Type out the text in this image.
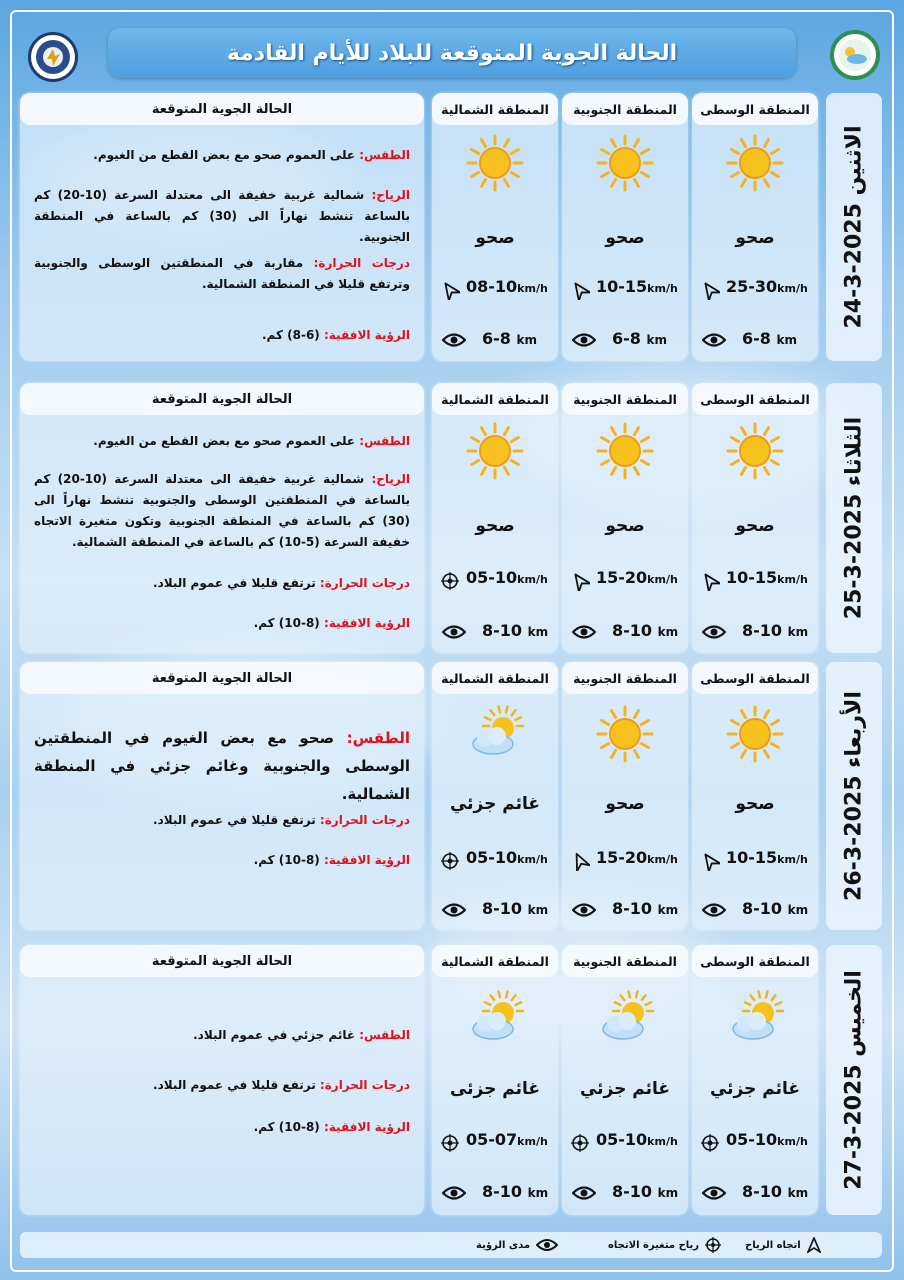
الحالة الجوية المتوقعة للبلاد للأيام القادمة
الحالة الجوية المتوقعة
الطقس: على العموم صحو مع بعض القطع من الغيوم.
الرياح: شمالية غربية خفيفة الى معتدلة السرعة (10-20) كم بالساعة تنشط نهاراً الى (30) كم بالساعة في المنطقة الجنوبية.
درجات الحرارة: مقاربة في المنطقتين الوسطى والجنوبية وترتفع قليلا في المنطقة الشمالية.
الرؤية الافقية: (6-8) كم.
المنطقة الشمالية
صحو
08-10km/h
6-8 km
المنطقة الجنوبية
صحو
10-15km/h
6-8 km
المنطقة الوسطى
صحو
25-30km/h
6-8 km
الاثنين 2025-3-24
الحالة الجوية المتوقعة
الطقس: على العموم صحو مع بعض القطع من الغيوم.
الرياح: شمالية غربية خفيفة الى معتدلة السرعة (10-20) كم بالساعة في المنطقتين الوسطى والجنوبية تنشط نهاراً الى (30) كم بالساعة في المنطقة الجنوبية وتكون متغيرة الاتجاه خفيفة السرعة (5-10) كم بالساعة في المنطقة الشمالية.
درجات الحرارة: ترتفع قليلا في عموم البلاد.
الرؤية الافقية: (8-10) كم.
المنطقة الشمالية
صحو
05-10km/h
8-10 km
المنطقة الجنوبية
صحو
15-20km/h
8-10 km
المنطقة الوسطى
صحو
10-15km/h
8-10 km
الثلاثاء 2025-3-25
الحالة الجوية المتوقعة
الطقس: صحو مع بعض الغيوم في المنطقتين الوسطى والجنوبية وغائم جزئي في المنطقة الشمالية.
درجات الحرارة: ترتفع قليلا في عموم البلاد.
الرؤية الافقية: (8-10) كم.
المنطقة الشمالية
غائم جزئي
05-10km/h
8-10 km
المنطقة الجنوبية
صحو
15-20km/h
8-10 km
المنطقة الوسطى
صحو
10-15km/h
8-10 km
الأربعاء 2025-3-26
الحالة الجوية المتوقعة
الطقس: غائم جزئي في عموم البلاد.
درجات الحرارة: ترتفع قليلا في عموم البلاد.
الرؤية الافقية: (8-10) كم.
المنطقة الشمالية
غائم جزئى
05-07km/h
8-10 km
المنطقة الجنوبية
غائم جزئي
05-10km/h
8-10 km
المنطقة الوسطى
غائم جزئي
05-10km/h
8-10 km
الخميس 2025-3-27
اتجاه الرياح
رياح متغيرة الاتجاه
مدى الرؤية
